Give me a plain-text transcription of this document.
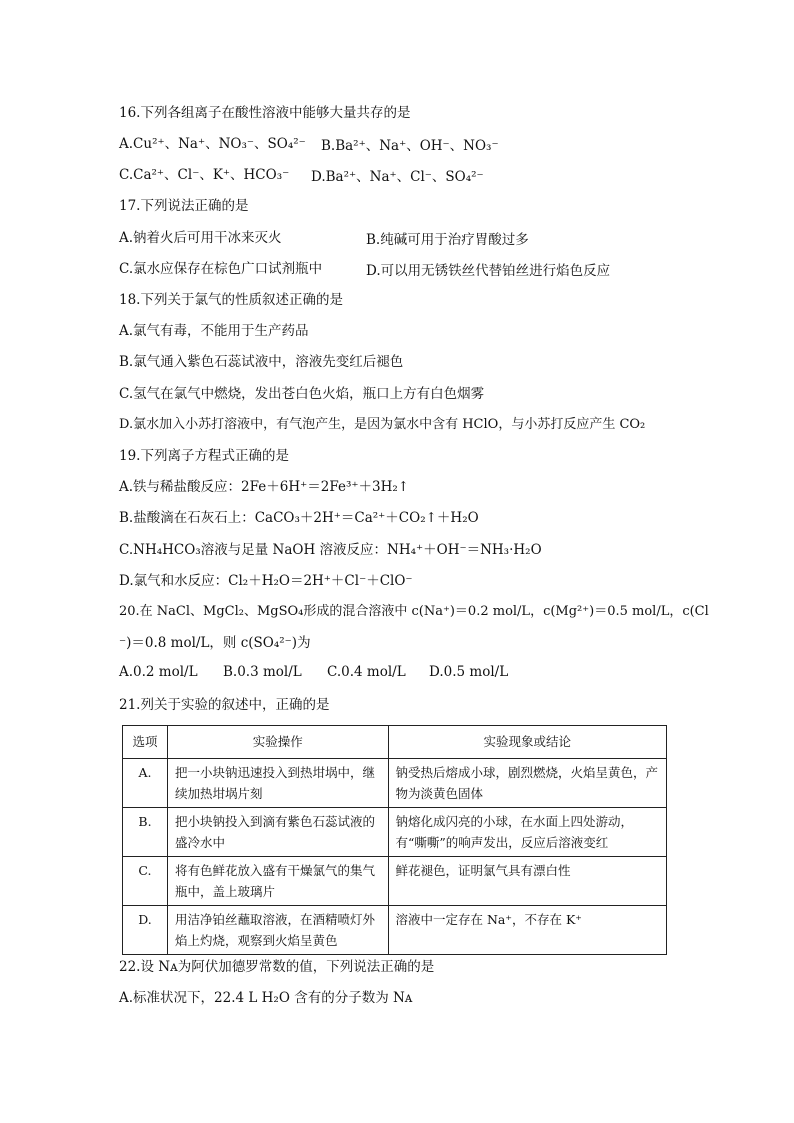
16.下列各组离子在酸性溶液中能够大量共存的是
A.Cu²⁺、Na⁺、NO₃⁻、SO₄²⁻ B.Ba²⁺、Na⁺、OH⁻、NO₃⁻
C.Ca²⁺、Cl⁻、K⁺、HCO₃⁻ D.Ba²⁺、Na⁺、Cl⁻、SO₄²⁻
17.下列说法正确的是
A.钠着火后可用干冰来灭火	B.纯碱可用于治疗胃酸过多
C.氯水应保存在棕色广口试剂瓶中	D.可以用无锈铁丝代替铂丝进行焰色反应
18.下列关于氯气的性质叙述正确的是
A.氯气有毒，不能用于生产药品
B.氯气通入紫色石蕊试液中，溶液先变红后褪色
C.氢气在氯气中燃烧，发出苍白色火焰，瓶口上方有白色烟雾
D.氯水加入小苏打溶液中，有气泡产生，是因为氯水中含有 HClO，与小苏打反应产生 CO₂
19.下列离子方程式正确的是
A.铁与稀盐酸反应：2Fe＋6H⁺＝2Fe³⁺＋3H₂↑
B.盐酸滴在石灰石上：CaCO₃＋2H⁺＝Ca²⁺＋CO₂↑＋H₂O
C.NH₄HCO₃溶液与足量 NaOH 溶液反应：NH₄⁺＋OH⁻＝NH₃·H₂O
D.氯气和水反应：Cl₂＋H₂O＝2H⁺＋Cl⁻＋ClO⁻
20.在 NaCl、MgCl₂、MgSO₄形成的混合溶液中 c(Na⁺)＝0.2 mol/L，c(Mg²⁺)＝0.5 mol/L，c(Cl
⁻)＝0.8 mol/L，则 c(SO₄²⁻)为
A.0.2 mol/L B.0.3 mol/L C.0.4 mol/L D.0.5 mol/L
21.列关于实验的叙述中，正确的是
选项	实验操作	实验现象或结论
A.	把一小块钠迅速投入到热坩埚中，继续加热坩埚片刻	钠受热后熔成小球，剧烈燃烧，火焰呈黄色，产物为淡黄色固体
B.	把小块钠投入到滴有紫色石蕊试液的盛冷水中	钠熔化成闪亮的小球，在水面上四处游动，有“嘶嘶”的响声发出，反应后溶液变红
C.	将有色鲜花放入盛有干燥氯气的集气瓶中，盖上玻璃片	鲜花褪色，证明氯气具有漂白性
D.	用洁净铂丝蘸取溶液，在酒精喷灯外焰上灼烧，观察到火焰呈黄色	溶液中一定存在 Na⁺，不存在 K⁺
22.设 Nᴀ为阿伏加德罗常数的值，下列说法正确的是
A.标准状况下，22.4 L H₂O 含有的分子数为 Nᴀ
